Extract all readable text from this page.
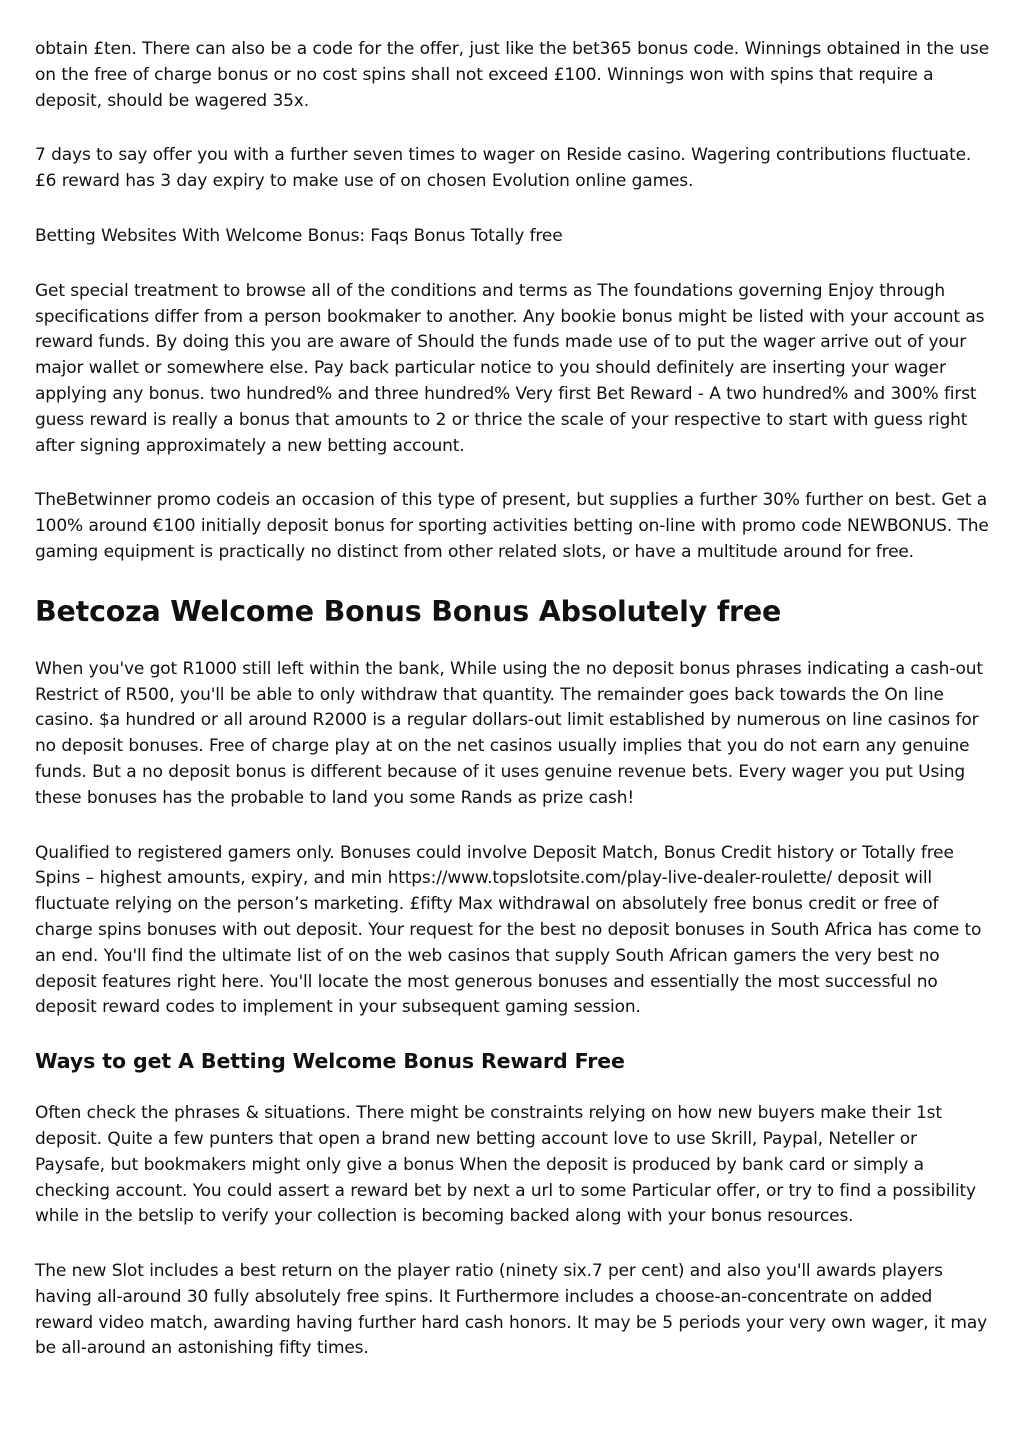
obtain £ten. There can also be a code for the offer, just like the bet365 bonus code. Winnings obtained in the use on the free of charge bonus or no cost spins shall not exceed £100. Winnings won with spins that require a deposit, should be wagered 35x.

7 days to say offer you with a further seven times to wager on Reside casino. Wagering contributions fluctuate. £6 reward has 3 day expiry to make use of on chosen Evolution online games.

Betting Websites With Welcome Bonus: Faqs Bonus Totally free

Get special treatment to browse all of the conditions and terms as The foundations governing Enjoy through specifications differ from a person bookmaker to another. Any bookie bonus might be listed with your account as reward funds. By doing this you are aware of Should the funds made use of to put the wager arrive out of your major wallet or somewhere else. Pay back particular notice to you should definitely are inserting your wager applying any bonus. two hundred% and three hundred% Very first Bet Reward - A two hundred% and 300% first guess reward is really a bonus that amounts to 2 or thrice the scale of your respective to start with guess right after signing approximately a new betting account.

TheBetwinner promo codeis an occasion of this type of present, but supplies a further 30% further on best. Get a 100% around €100 initially deposit bonus for sporting activities betting on-line with promo code NEWBONUS. The gaming equipment is practically no distinct from other related slots, or have a multitude around for free.

Betcoza Welcome Bonus Bonus Absolutely free

When you've got R1000 still left within the bank, While using the no deposit bonus phrases indicating a cash-out Restrict of R500, you'll be able to only withdraw that quantity. The remainder goes back towards the On line casino. $a hundred or all around R2000 is a regular dollars-out limit established by numerous on line casinos for no deposit bonuses. Free of charge play at on the net casinos usually implies that you do not earn any genuine funds. But a no deposit bonus is different because of it uses genuine revenue bets. Every wager you put Using these bonuses has the probable to land you some Rands as prize cash!

Qualified to registered gamers only. Bonuses could involve Deposit Match, Bonus Credit history or Totally free Spins – highest amounts, expiry, and min https://www.topslotsite.com/play-live-dealer-roulette/ deposit will fluctuate relying on the person’s marketing. £fifty Max withdrawal on absolutely free bonus credit or free of charge spins bonuses with out deposit. Your request for the best no deposit bonuses in South Africa has come to an end. You'll find the ultimate list of on the web casinos that supply South African gamers the very best no deposit features right here. You'll locate the most generous bonuses and essentially the most successful no deposit reward codes to implement in your subsequent gaming session.

Ways to get A Betting Welcome Bonus Reward Free

Often check the phrases & situations. There might be constraints relying on how new buyers make their 1st deposit. Quite a few punters that open a brand new betting account love to use Skrill, Paypal, Neteller or Paysafe, but bookmakers might only give a bonus When the deposit is produced by bank card or simply a checking account. You could assert a reward bet by next a url to some Particular offer, or try to find a possibility while in the betslip to verify your collection is becoming backed along with your bonus resources.

The new Slot includes a best return on the player ratio (ninety six.7 per cent) and also you'll awards players having all-around 30 fully absolutely free spins. It Furthermore includes a choose-an-concentrate on added reward video match, awarding having further hard cash honors. It may be 5 periods your very own wager, it may be all-around an astonishing fifty times.
